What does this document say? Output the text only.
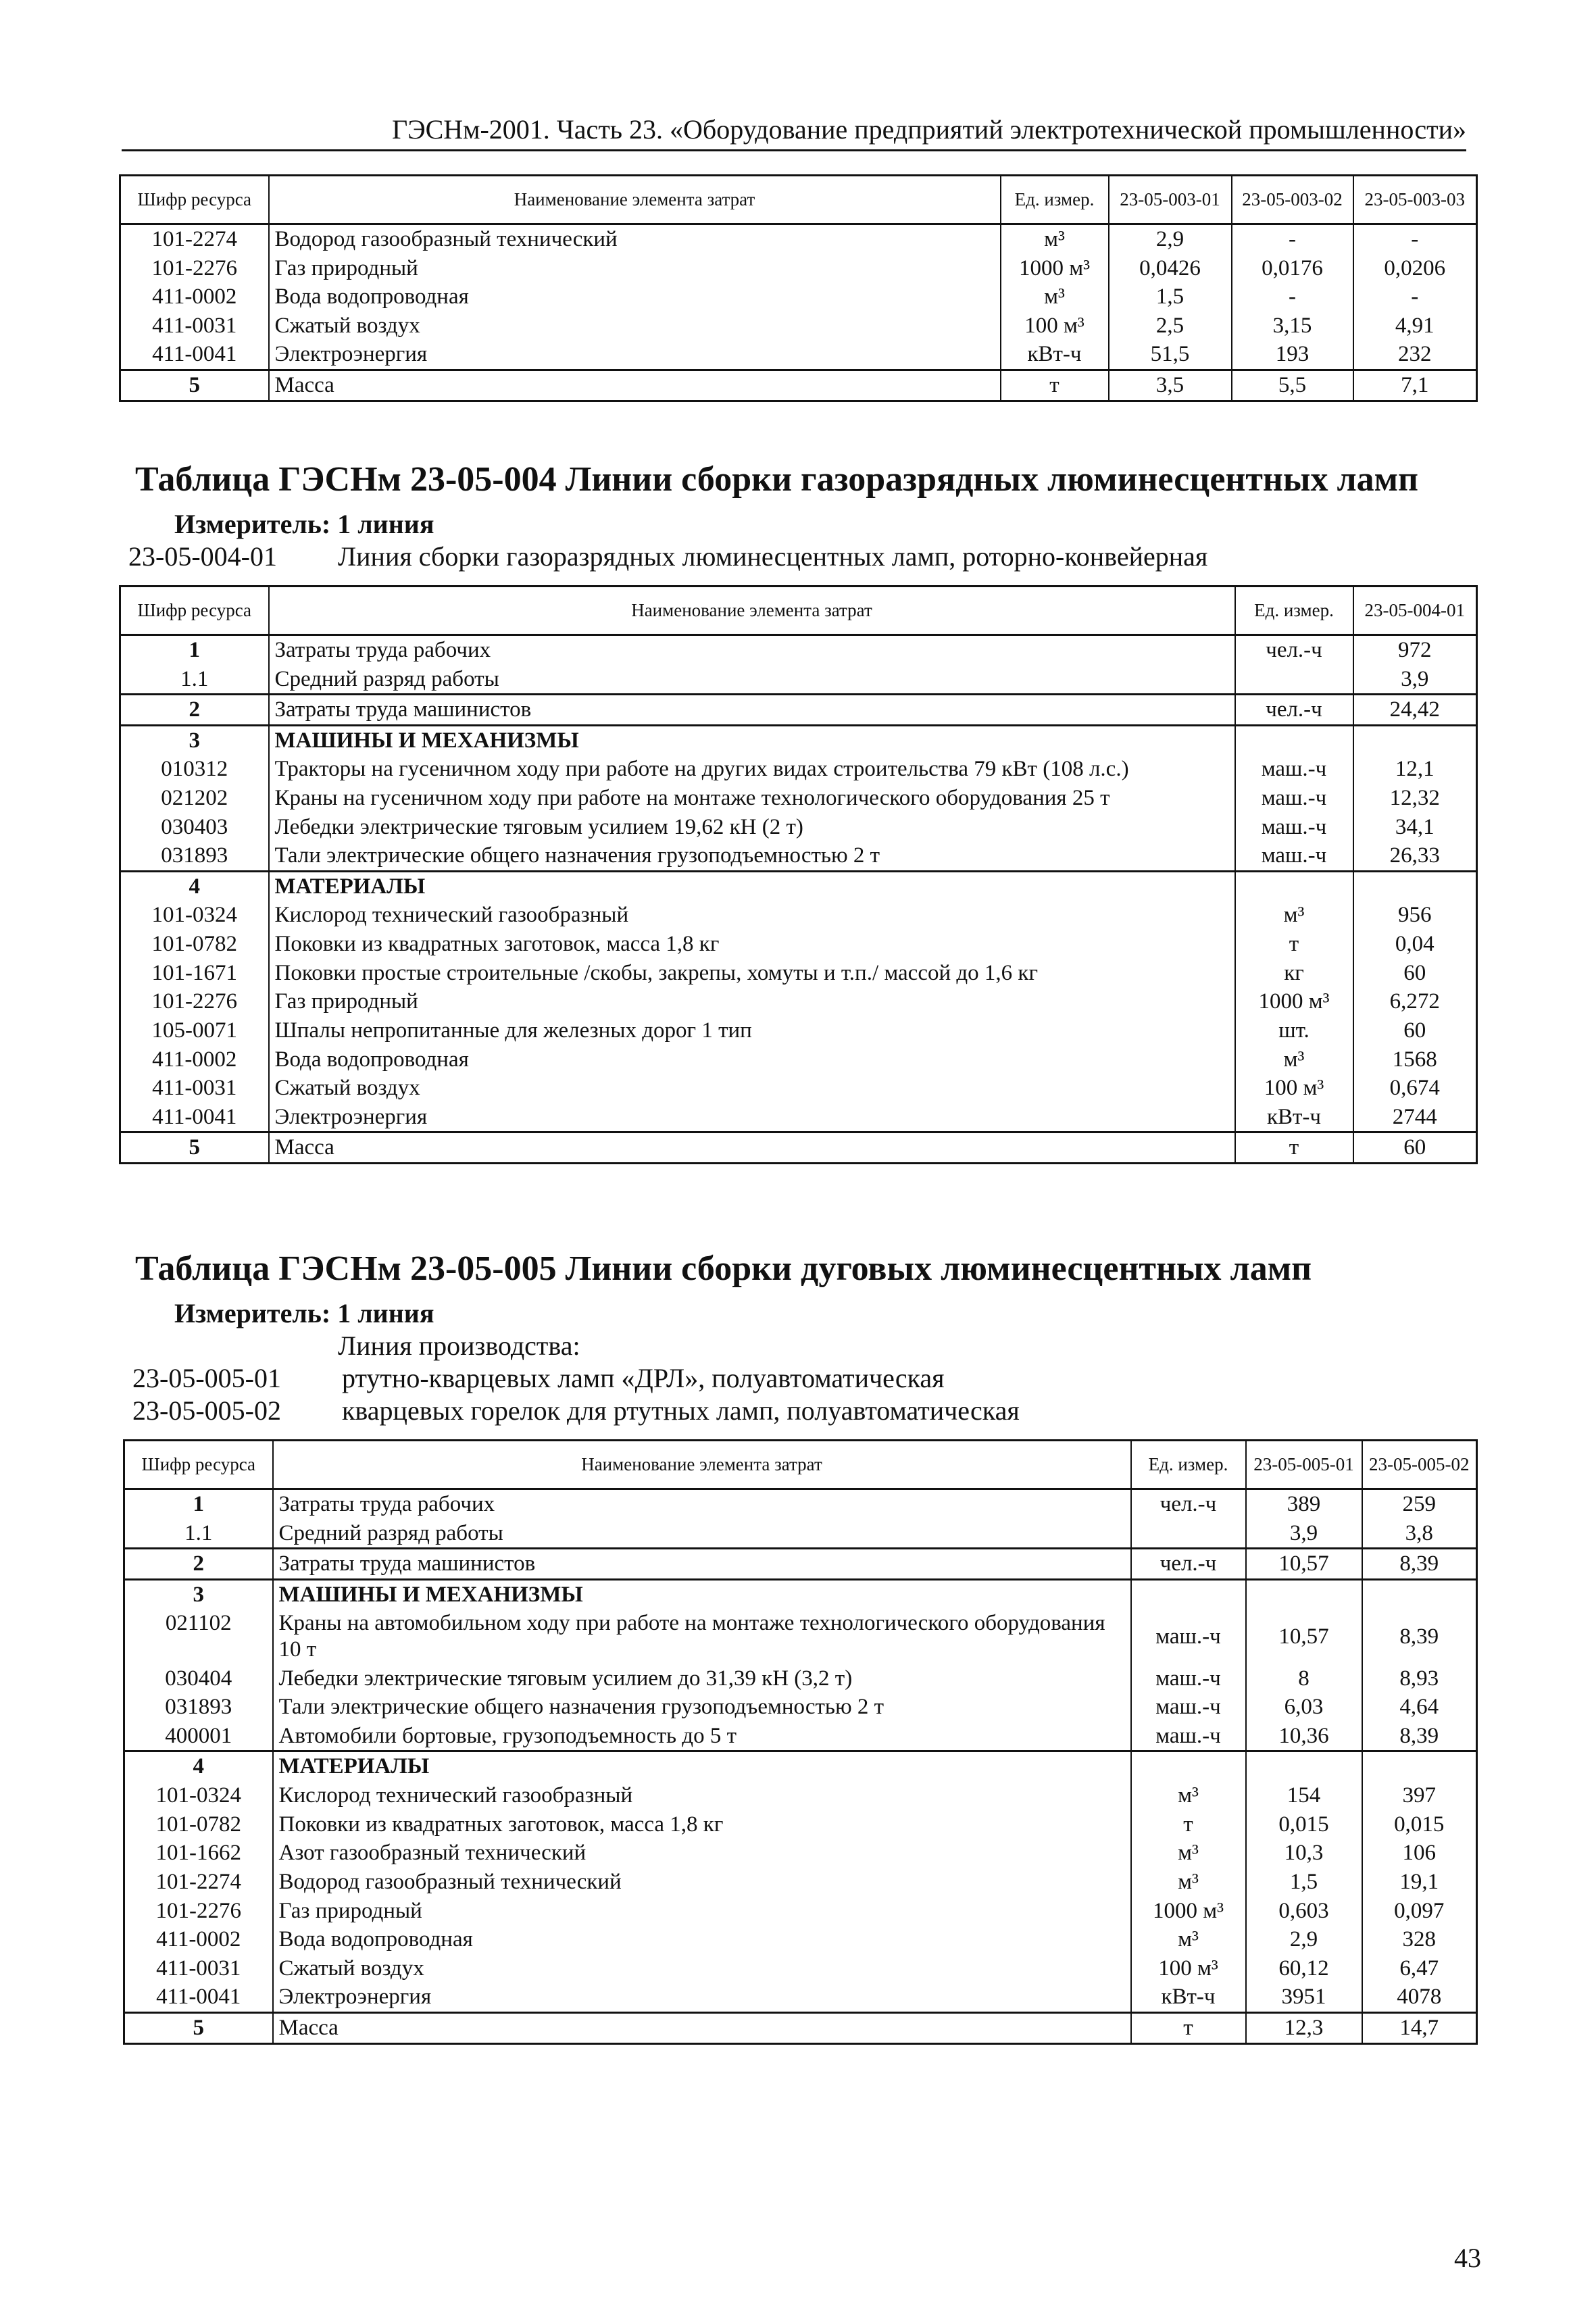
ГЭСНм-2001. Часть 23. «Оборудование предприятий электротехнической промышленности»
Шифр ресурса	Наименование элемента затрат	Ед. измер.	23-05-003-01	23-05-003-02	23-05-003-03
101-2274	Водород газообразный технический	м³	2,9	-	-
101-2276	Газ природный	1000 м³	0,0426	0,0176	0,0206
411-0002	Вода водопроводная	м³	1,5	-	-
411-0031	Сжатый воздух	100 м³	2,5	3,15	4,91
411-0041	Электроэнергия	кВт-ч	51,5	193	232
5	Масса	т	3,5	5,5	7,1
Таблица ГЭСНм 23-05-004 Линии сборки газоразрядных люминесцентных ламп
Измеритель: 1 линия
23-05-004-01 Линия сборки газоразрядных люминесцентных ламп, роторно-конвейерная
Шифр ресурса	Наименование элемента затрат	Ед. измер.	23-05-004-01
1	Затраты труда рабочих	чел.-ч	972
1.1	Средний разряд работы		3,9
2	Затраты труда машинистов	чел.-ч	24,42
3	МАШИНЫ И МЕХАНИЗМЫ		
010312	Тракторы на гусеничном ходу при работе на других видах строительства 79 кВт (108 л.с.)	маш.-ч	12,1
021202	Краны на гусеничном ходу при работе на монтаже технологического оборудования 25 т	маш.-ч	12,32
030403	Лебедки электрические тяговым усилием 19,62 кН (2 т)	маш.-ч	34,1
031893	Тали электрические общего назначения грузоподъемностью 2 т	маш.-ч	26,33
4	МАТЕРИАЛЫ		
101-0324	Кислород технический газообразный	м³	956
101-0782	Поковки из квадратных заготовок, масса 1,8 кг	т	0,04
101-1671	Поковки простые строительные /скобы, закрепы, хомуты и т.п./ массой до 1,6 кг	кг	60
101-2276	Газ природный	1000 м³	6,272
105-0071	Шпалы непропитанные для железных дорог 1 тип	шт.	60
411-0002	Вода водопроводная	м³	1568
411-0031	Сжатый воздух	100 м³	0,674
411-0041	Электроэнергия	кВт-ч	2744
5	Масса	т	60
Таблица ГЭСНм 23-05-005 Линии сборки дуговых люминесцентных ламп
Измеритель: 1 линия
Линия производства:
23-05-005-01 ртутно-кварцевых ламп «ДРЛ», полуавтоматическая
23-05-005-02 кварцевых горелок для ртутных ламп, полуавтоматическая
Шифр ресурса	Наименование элемента затрат	Ед. измер.	23-05-005-01	23-05-005-02
1	Затраты труда рабочих	чел.-ч	389	259
1.1	Средний разряд работы		3,9	3,8
2	Затраты труда машинистов	чел.-ч	10,57	8,39
3	МАШИНЫ И МЕХАНИЗМЫ			
021102	Краны на автомобильном ходу при работе на монтаже технологического оборудования 10 т	маш.-ч	10,57	8,39
030404	Лебедки электрические тяговым усилием до 31,39 кН (3,2 т)	маш.-ч	8	8,93
031893	Тали электрические общего назначения грузоподъемностью 2 т	маш.-ч	6,03	4,64
400001	Автомобили бортовые, грузоподъемность до 5 т	маш.-ч	10,36	8,39
4	МАТЕРИАЛЫ			
101-0324	Кислород технический газообразный	м³	154	397
101-0782	Поковки из квадратных заготовок, масса 1,8 кг	т	0,015	0,015
101-1662	Азот газообразный технический	м³	10,3	106
101-2274	Водород газообразный технический	м³	1,5	19,1
101-2276	Газ природный	1000 м³	0,603	0,097
411-0002	Вода водопроводная	м³	2,9	328
411-0031	Сжатый воздух	100 м³	60,12	6,47
411-0041	Электроэнергия	кВт-ч	3951	4078
5	Масса	т	12,3	14,7
43
